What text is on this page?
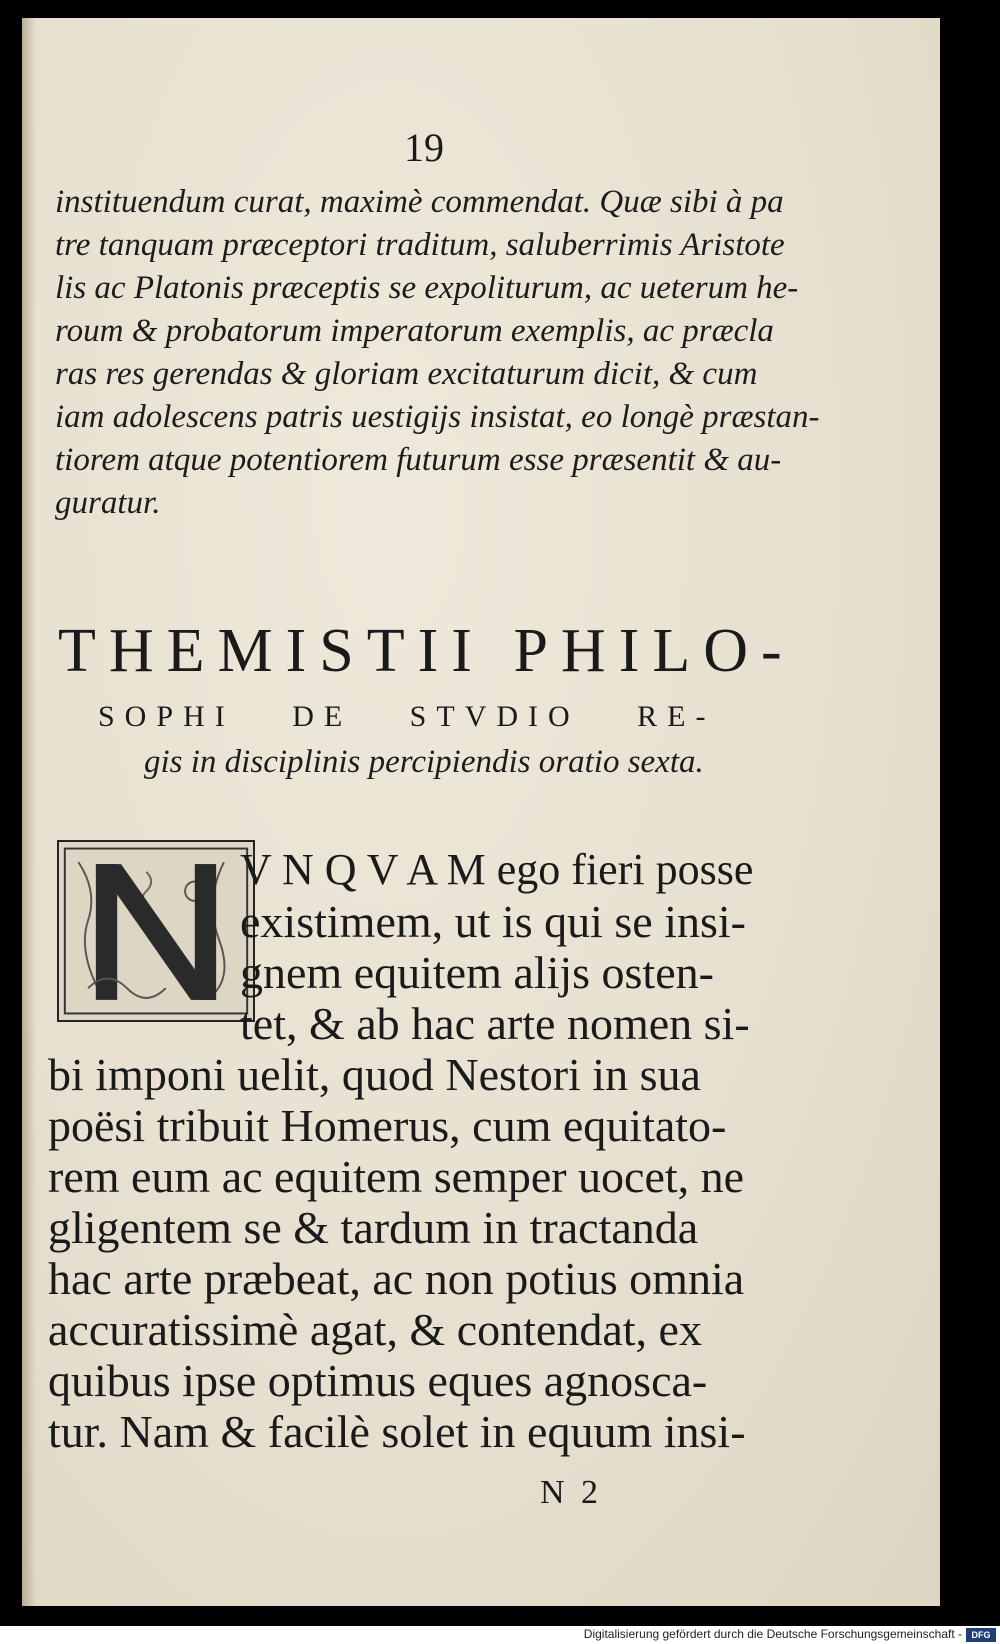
19
instituendum curat, maximè commendat. Quæ sibi à pa
tre tanquam præceptori traditum, saluberrimis Aristote
lis ac Platonis præceptis se expoliturum, ac ueterum he-
roum & probatorum imperatorum exemplis, ac præcla
ras res gerendas & gloriam excitaturum dicit, & cum
iam adolescens patris uestigijs insistat, eo longè præstan-
tiorem atque potentiorem futurum esse præsentit & au-
guratur.
THEMISTII PHILO-
SOPHI DE STVDIO RE-
gis in disciplinis percipiendis oratio sexta.
V N Q V A M ego fieri posse
existimem, ut is qui se insi-
gnem equitem alijs osten-
tet, & ab hac arte nomen si-
bi imponi uelit, quod Nestori in sua
poësi tribuit Homerus, cum equitato-
rem eum ac equitem semper uocet, ne
gligentem se & tardum in tractanda
hac arte præbeat, ac non potius omnia
accuratissimè agat, & contendat, ex
quibus ipse optimus eques agnosca-
tur. Nam & facilè solet in equum insi-
N 2
Digitalisierung gefördert durch die Deutsche Forschungsgemeinschaft -	DFG
